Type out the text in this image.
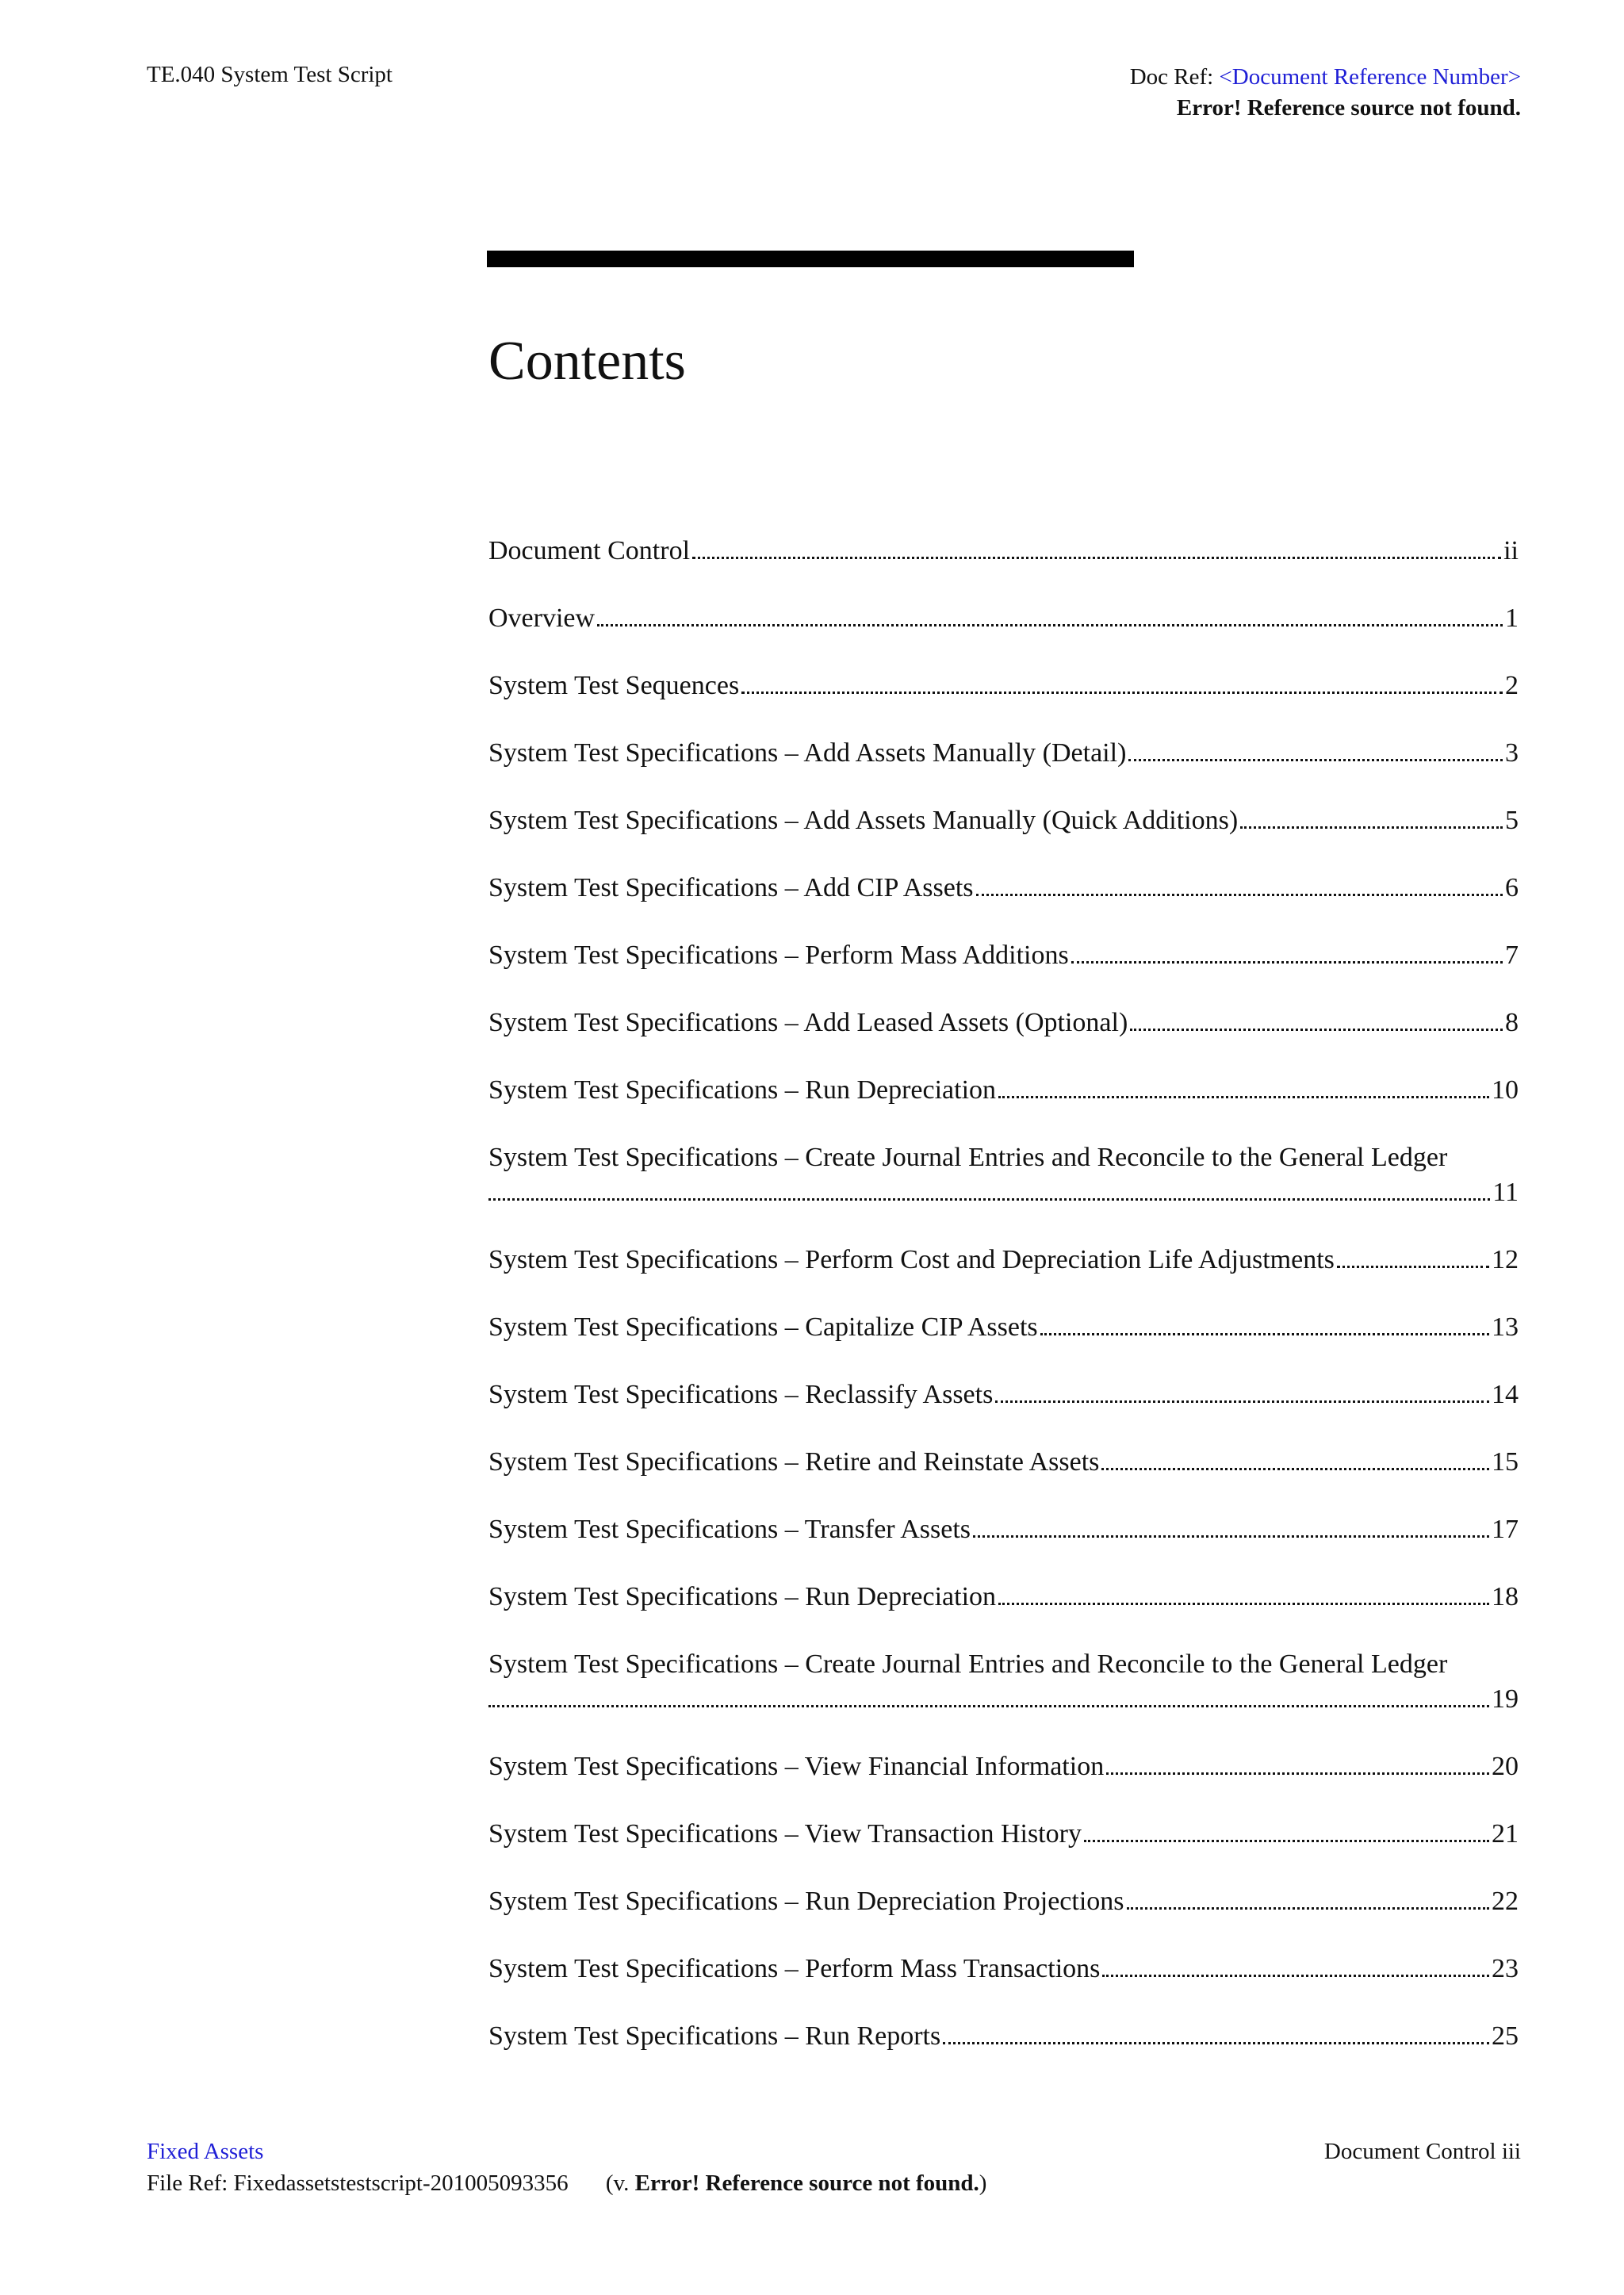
TE.040 System Test Script	Doc Ref: <Document Reference Number>
Error! Reference source not found.
Contents
Document Control	ii
Overview	1
System Test Sequences	2
System Test Specifications – Add Assets Manually (Detail)	3
System Test Specifications – Add Assets Manually (Quick Additions)	5
System Test Specifications – Add CIP Assets	6
System Test Specifications – Perform Mass Additions	7
System Test Specifications – Add Leased Assets (Optional)	8
System Test Specifications – Run Depreciation	10
System Test Specifications – Create Journal Entries and Reconcile to the General Ledger
11
System Test Specifications – Perform Cost and Depreciation Life Adjustments	12
System Test Specifications – Capitalize CIP Assets	13
System Test Specifications – Reclassify Assets	14
System Test Specifications – Retire and Reinstate Assets	15
System Test Specifications – Transfer Assets	17
System Test Specifications – Run Depreciation	18
System Test Specifications – Create Journal Entries and Reconcile to the General Ledger
19
System Test Specifications – View Financial Information	20
System Test Specifications – View Transaction History	21
System Test Specifications – Run Depreciation Projections	22
System Test Specifications – Perform Mass Transactions	23
System Test Specifications – Run Reports	25
Fixed Assets
File Ref: Fixedassetstestscript-201005093356 (v. Error! Reference source not found.)
Document Control iii
